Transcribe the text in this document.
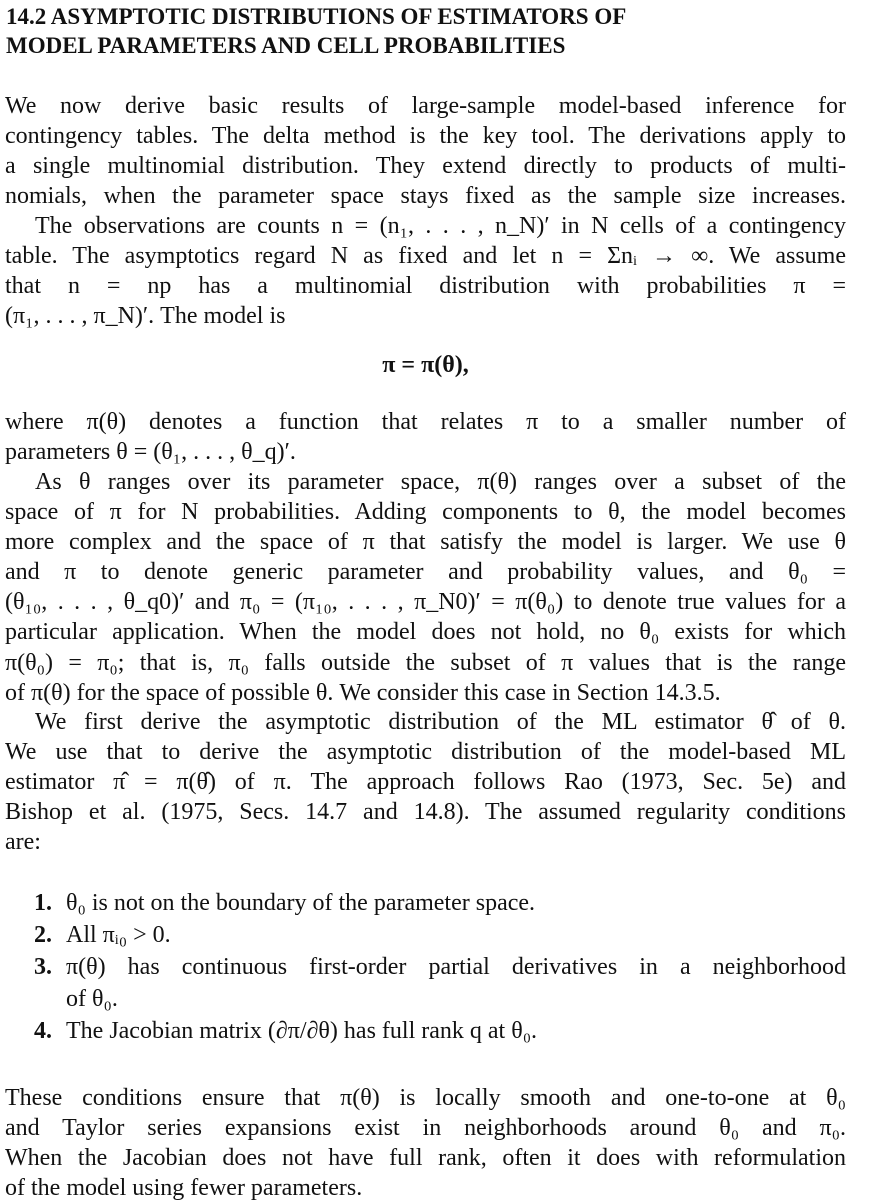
14.2 ASYMPTOTIC DISTRIBUTIONS OF ESTIMATORS OF
MODEL PARAMETERS AND CELL PROBABILITIES
We now derive basic results of large-sample model-based inference for
contingency tables. The delta method is the key tool. The derivations apply to
a single multinomial distribution. They extend directly to products of multi-
nomials, when the parameter space stays fixed as the sample size increases.
The observations are counts n = (n₁, . . . , n_N)′ in N cells of a contingency
table. The asymptotics regard N as fixed and let n = Σnᵢ → ∞. We assume
that n = np has a multinomial distribution with probabilities π =
(π₁, . . . , π_N)′. The model is
π = π(θ),
where π(θ) denotes a function that relates π to a smaller number of
parameters θ = (θ₁, . . . , θ_q)′.
As θ ranges over its parameter space, π(θ) ranges over a subset of the
space of π for N probabilities. Adding components to θ, the model becomes
more complex and the space of π that satisfy the model is larger. We use θ
and π to denote generic parameter and probability values, and θ₀ =
(θ₁₀, . . . , θ_q0)′ and π₀ = (π₁₀, . . . , π_N0)′ = π(θ₀) to denote true values for a
particular application. When the model does not hold, no θ₀ exists for which
π(θ₀) = π₀; that is, π₀ falls outside the subset of π values that is the range
of π(θ) for the space of possible θ. We consider this case in Section 14.3.5.
We first derive the asymptotic distribution of the ML estimator θ̂ of θ.
We use that to derive the asymptotic distribution of the model-based ML
estimator π̂ = π(θ̂) of π. The approach follows Rao (1973, Sec. 5e) and
Bishop et al. (1975, Secs. 14.7 and 14.8). The assumed regularity conditions
are:
1. θ₀ is not on the boundary of the parameter space.
2. All πᵢ₀ > 0.
3. π(θ) has continuous first-order partial derivatives in a neighborhood
of θ₀.
4. The Jacobian matrix (∂π/∂θ) has full rank q at θ₀.
These conditions ensure that π(θ) is locally smooth and one-to-one at θ₀
and Taylor series expansions exist in neighborhoods around θ₀ and π₀.
When the Jacobian does not have full rank, often it does with reformulation
of the model using fewer parameters.
